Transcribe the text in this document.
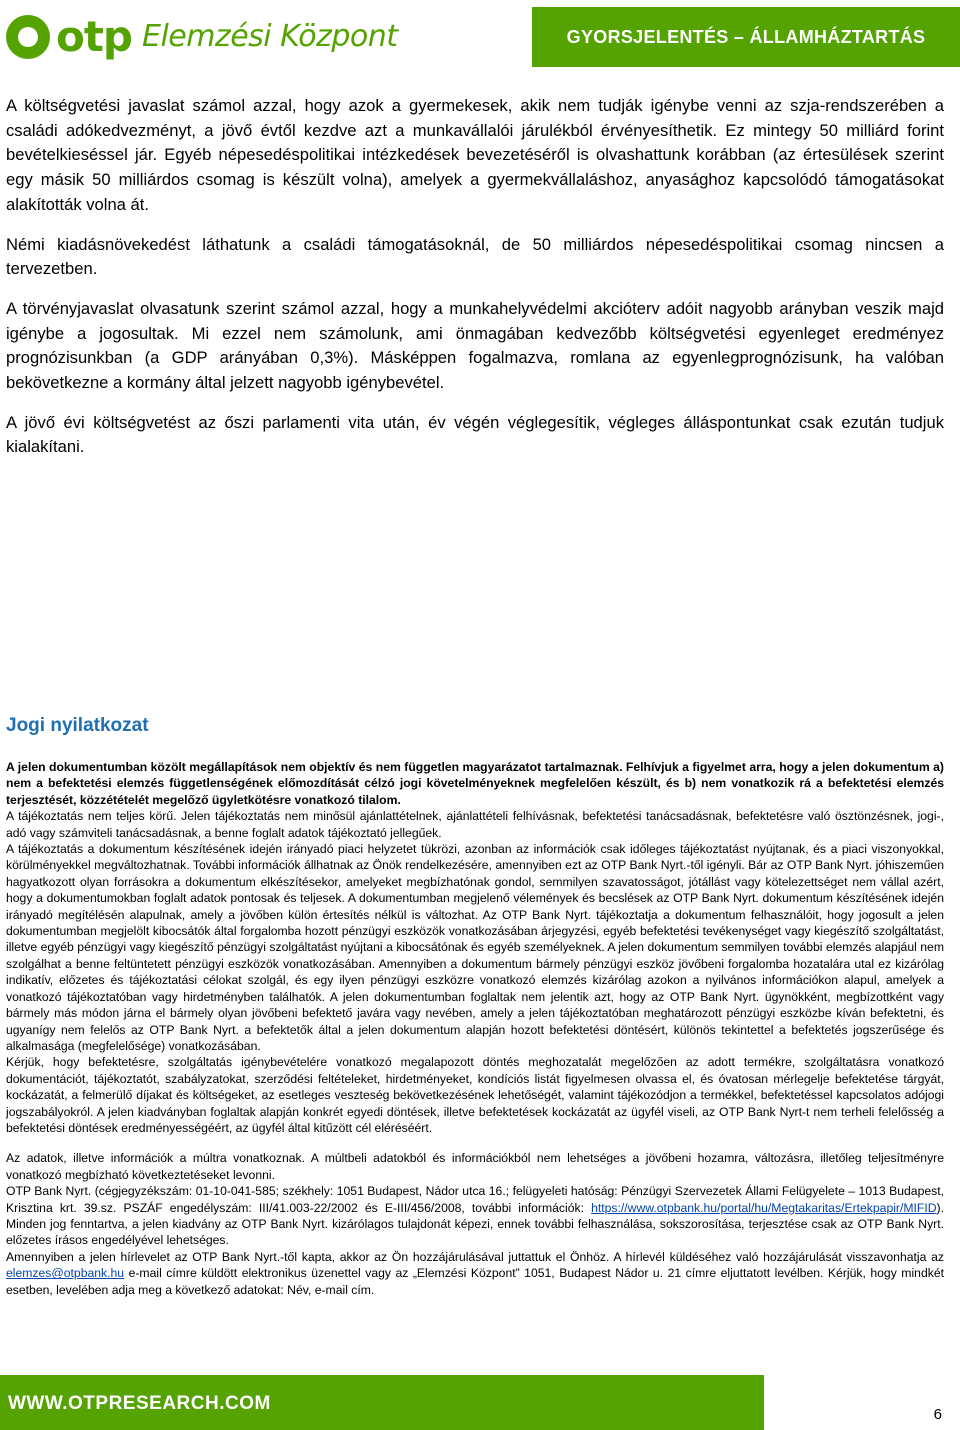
otp Elemzési Központ	GYORSJELENTÉS – ÁLLAMHÁZTARTÁS

A költségvetési javaslat számol azzal, hogy azok a gyermekesek, akik nem tudják igénybe venni az szja-rendszerében a családi adókedvezményt, a jövő évtől kezdve azt a munkavállalói járulékból érvényesíthetik. Ez mintegy 50 milliárd forint bevételkieséssel jár. Egyéb népesedéspolitikai intézkedések bevezetéséről is olvashattunk korábban (az értesülések szerint egy másik 50 milliárdos csomag is készült volna), amelyek a gyermekvállaláshoz, anyasághoz kapcsolódó támogatásokat alakították volna át.

Némi kiadásnövekedést láthatunk a családi támogatásoknál, de 50 milliárdos népesedéspolitikai csomag nincsen a tervezetben.

A törvényjavaslat olvasatunk szerint számol azzal, hogy a munkahelyvédelmi akcióterv adóit nagyobb arányban veszik majd igénybe a jogosultak. Mi ezzel nem számolunk, ami önmagában kedvezőbb költségvetési egyenleget eredményez prognózisunkban (a GDP arányában 0,3%). Másképpen fogalmazva, romlana az egyenlegprognózisunk, ha valóban bekövetkezne a kormány által jelzett nagyobb igénybevétel.

A jövő évi költségvetést az őszi parlamenti vita után, év végén véglegesítik, végleges álláspontunkat csak ezután tudjuk kialakítani.

Jogi nyilatkozat

A jelen dokumentumban közölt megállapítások nem objektív és nem független magyarázatot tartalmaznak. Felhívjuk a figyelmet arra, hogy a jelen dokumentum a) nem a befektetési elemzés függetlenségének előmozdítását célzó jogi követelményeknek megfelelően készült, és b) nem vonatkozik rá a befektetési elemzés terjesztését, közzétételét megelőző ügyletkötésre vonatkozó tilalom.

A tájékoztatás nem teljes körű. Jelen tájékoztatás nem minősül ajánlattételnek, ajánlattételi felhívásnak, befektetési tanácsadásnak, befektetésre való ösztönzésnek, jogi-, adó vagy számviteli tanácsadásnak, a benne foglalt adatok tájékoztató jellegűek.

A tájékoztatás a dokumentum készítésének idején irányadó piaci helyzetet tükrözi, azonban az információk csak időleges tájékoztatást nyújtanak, és a piaci viszonyokkal, körülményekkel megváltozhatnak. További információk állhatnak az Önök rendelkezésére, amennyiben ezt az OTP Bank Nyrt.-től igényli. Bár az OTP Bank Nyrt. jóhiszeműen hagyatkozott olyan forrásokra a dokumentum elkészítésekor, amelyeket megbízhatónak gondol, semmilyen szavatosságot, jótállást vagy kötelezettséget nem vállal azért, hogy a dokumentumokban foglalt adatok pontosak és teljesek. A dokumentumban megjelenő vélemények és becslések az OTP Bank Nyrt. dokumentum készítésének idején irányadó megítélésén alapulnak, amely a jövőben külön értesítés nélkül is változhat. Az OTP Bank Nyrt. tájékoztatja a dokumentum felhasználóit, hogy jogosult a jelen dokumentumban megjelölt kibocsátók által forgalomba hozott pénzügyi eszközök vonatkozásában árjegyzési, egyéb befektetési tevékenységet vagy kiegészítő szolgáltatást, illetve egyéb pénzügyi vagy kiegészítő pénzügyi szolgáltatást nyújtani a kibocsátónak és egyéb személyeknek. A jelen dokumentum semmilyen további elemzés alapjául nem szolgálhat a benne feltüntetett pénzügyi eszközök vonatkozásában. Amennyiben a dokumentum bármely pénzügyi eszköz jövőbeni forgalomba hozatalára utal ez kizárólag indikatív, előzetes és tájékoztatási célokat szolgál, és egy ilyen pénzügyi eszközre vonatkozó elemzés kizárólag azokon a nyilvános információkon alapul, amelyek a vonatkozó tájékoztatóban vagy hirdetményben találhatók. A jelen dokumentumban foglaltak nem jelentik azt, hogy az OTP Bank Nyrt. ügynökként, megbízottként vagy bármely más módon járna el bármely olyan jövőbeni befektető javára vagy nevében, amely a jelen tájékoztatóban meghatározott pénzügyi eszközbe kíván befektetni, és ugyanígy nem felelős az OTP Bank Nyrt. a befektetők által a jelen dokumentum alapján hozott befektetési döntésért, különös tekintettel a befektetés jogszerűsége és alkalmasága (megfelelősége) vonatkozásában.

Kérjük, hogy befektetésre, szolgáltatás igénybevételére vonatkozó megalapozott döntés meghozatalát megelőzően az adott termékre, szolgáltatásra vonatkozó dokumentációt, tájékoztatót, szabályzatokat, szerződési feltételeket, hirdetményeket, kondíciós listát figyelmesen olvassa el, és óvatosan mérlegelje befektetése tárgyát, kockázatát, a felmerülő díjakat és költségeket, az esetleges veszteség bekövetkezésének lehetőségét, valamint tájékozódjon a termékkel, befektetéssel kapcsolatos adójogi jogszabályokról. A jelen kiadványban foglaltak alapján konkrét egyedi döntések, illetve befektetések kockázatát az ügyfél viseli, az OTP Bank Nyrt-t nem terheli felelősség a befektetési döntések eredményességéért, az ügyfél által kitűzött cél eléréséért.

Az adatok, illetve információk a múltra vonatkoznak. A múltbeli adatokból és információkból nem lehetséges a jövőbeni hozamra, változásra, illetőleg teljesítményre vonatkozó megbízható következtetéseket levonni.

OTP Bank Nyrt. (cégjegyzékszám: 01-10-041-585; székhely: 1051 Budapest, Nádor utca 16.; felügyeleti hatóság: Pénzügyi Szervezetek Állami Felügyelete – 1013 Budapest, Krisztina krt. 39.sz. PSZÁF engedélyszám: III/41.003-22/2002 és E-III/456/2008, további információk: https://www.otpbank.hu/portal/hu/Megtakaritas/Ertekpapir/MIFID). Minden jog fenntartva, a jelen kiadvány az OTP Bank Nyrt. kizárólagos tulajdonát képezi, ennek további felhasználása, sokszorosítása, terjesztése csak az OTP Bank Nyrt. előzetes írásos engedélyével lehetséges.

Amennyiben a jelen hírlevelet az OTP Bank Nyrt.-től kapta, akkor az Ön hozzájárulásával juttattuk el Önhöz. A hírlevél küldéséhez való hozzájárulását visszavonhatja az elemzes@otpbank.hu e-mail címre küldött elektronikus üzenettel vagy az „Elemzési Központ” 1051, Budapest Nádor u. 21 címre eljuttatott levélben. Kérjük, hogy mindkét esetben, levelében adja meg a következő adatokat: Név, e-mail cím.

WWW.OTPRESEARCH.COM
6
